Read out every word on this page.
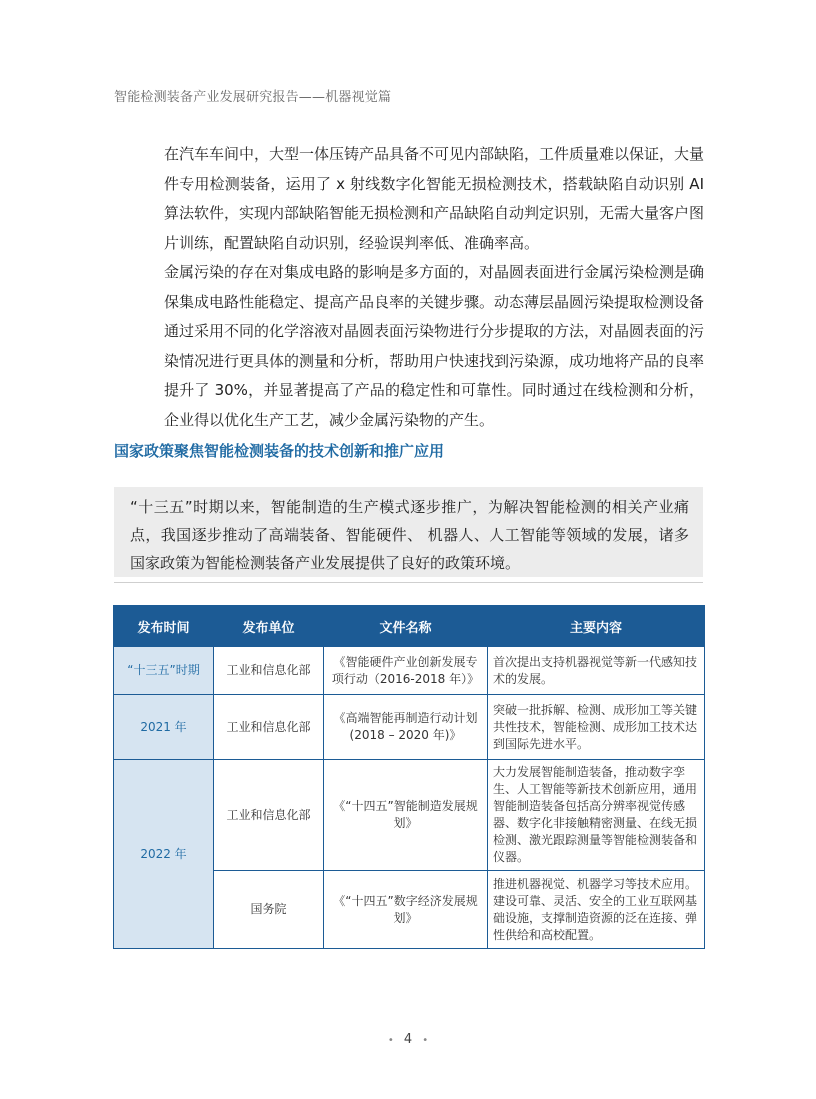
智能检测装备产业发展研究报告——机器视觉篇

在汽车车间中，大型一体压铸产品具备不可见内部缺陷，工件质量难以保证，大量件专用检测装备，运用了 x 射线数字化智能无损检测技术，搭载缺陷自动识别 AI 算法软件，实现内部缺陷智能无损检测和产品缺陷自动判定识别，无需大量客户图片训练，配置缺陷自动识别，经验误判率低、准确率高。

金属污染的存在对集成电路的影响是多方面的，对晶圆表面进行金属污染检测是确保集成电路性能稳定、提高产品良率的关键步骤。动态薄层晶圆污染提取检测设备通过采用不同的化学溶液对晶圆表面污染物进行分步提取的方法，对晶圆表面的污染情况进行更具体的测量和分析，帮助用户快速找到污染源，成功地将产品的良率提升了 30%，并显著提高了产品的稳定性和可靠性。同时通过在线检测和分析，企业得以优化生产工艺，减少金属污染物的产生。

国家政策聚焦智能检测装备的技术创新和推广应用
“十三五”时期以来，智能制造的生产模式逐步推广，为解决智能检测的相关产业痛点，我国逐步推动了高端装备、智能硬件、 机器人、人工智能等领域的发展，诸多国家政策为智能检测装备产业发展提供了良好的政策环境。
发布时间	发布单位	文件名称	主要内容
“十三五”时期	工业和信息化部	《智能硬件产业创新发展专项行动（2016-2018 年）》	首次提出支持机器视觉等新一代感知技术的发展。
2021 年	工业和信息化部	《高端智能再制造行动计划 (2018 – 2020 年)》	突破一批拆解、检测、成形加工等关键共性技术，智能检测、成形加工技术达到国际先进水平。
2022 年	工业和信息化部	《“十四五”智能制造发展规划》	大力发展智能制造装备，推动数字孪生、人工智能等新技术创新应用，通用智能制造装备包括高分辨率视觉传感器、数字化非接触精密测量、在线无损检测、激光跟踪测量等智能检测装备和仪器。
	国务院	《“十四五”数字经济发展规划》	推进机器视觉、机器学习等技术应用。建设可靠、灵活、安全的工业互联网基础设施，支撑制造资源的泛在连接、弹性供给和高校配置。
• 4 •
